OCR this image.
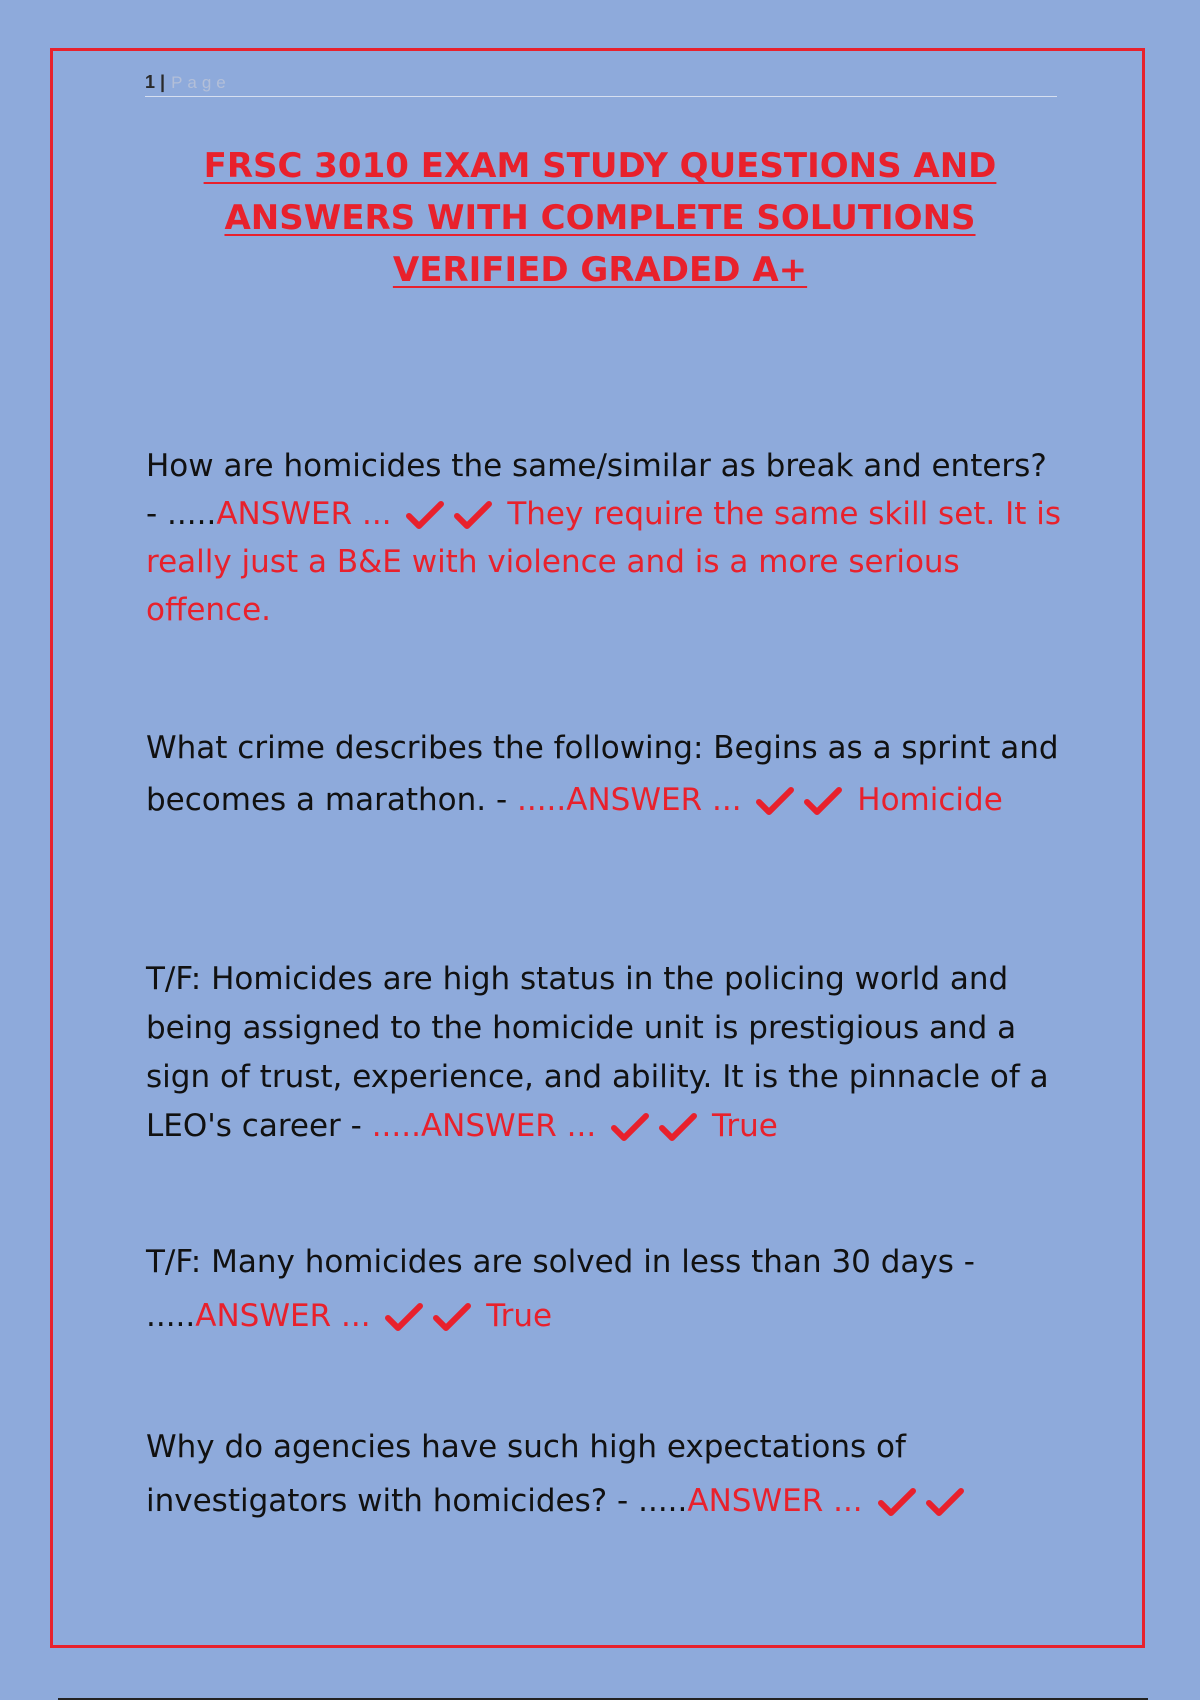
1 | Page
FRSC 3010 EXAM STUDY QUESTIONS AND
ANSWERS WITH COMPLETE SOLUTIONS
VERIFIED GRADED A+

How are homicides the same/similar as break and enters? - .....ANSWER ...	They require the same skill set. It is really just a B&E with violence and is a more serious offence.

What crime describes the following: Begins as a sprint and becomes a marathon. - .....ANSWER ...	Homicide

T/F: Homicides are high status in the policing world and being assigned to the homicide unit is prestigious and a sign of trust, experience, and ability. It is the pinnacle of a LEO's career - .....ANSWER ...	True

T/F: Many homicides are solved in less than 30 days - .....ANSWER ...	True

Why do agencies have such high expectations of investigators with homicides? - .....ANSWER ...
